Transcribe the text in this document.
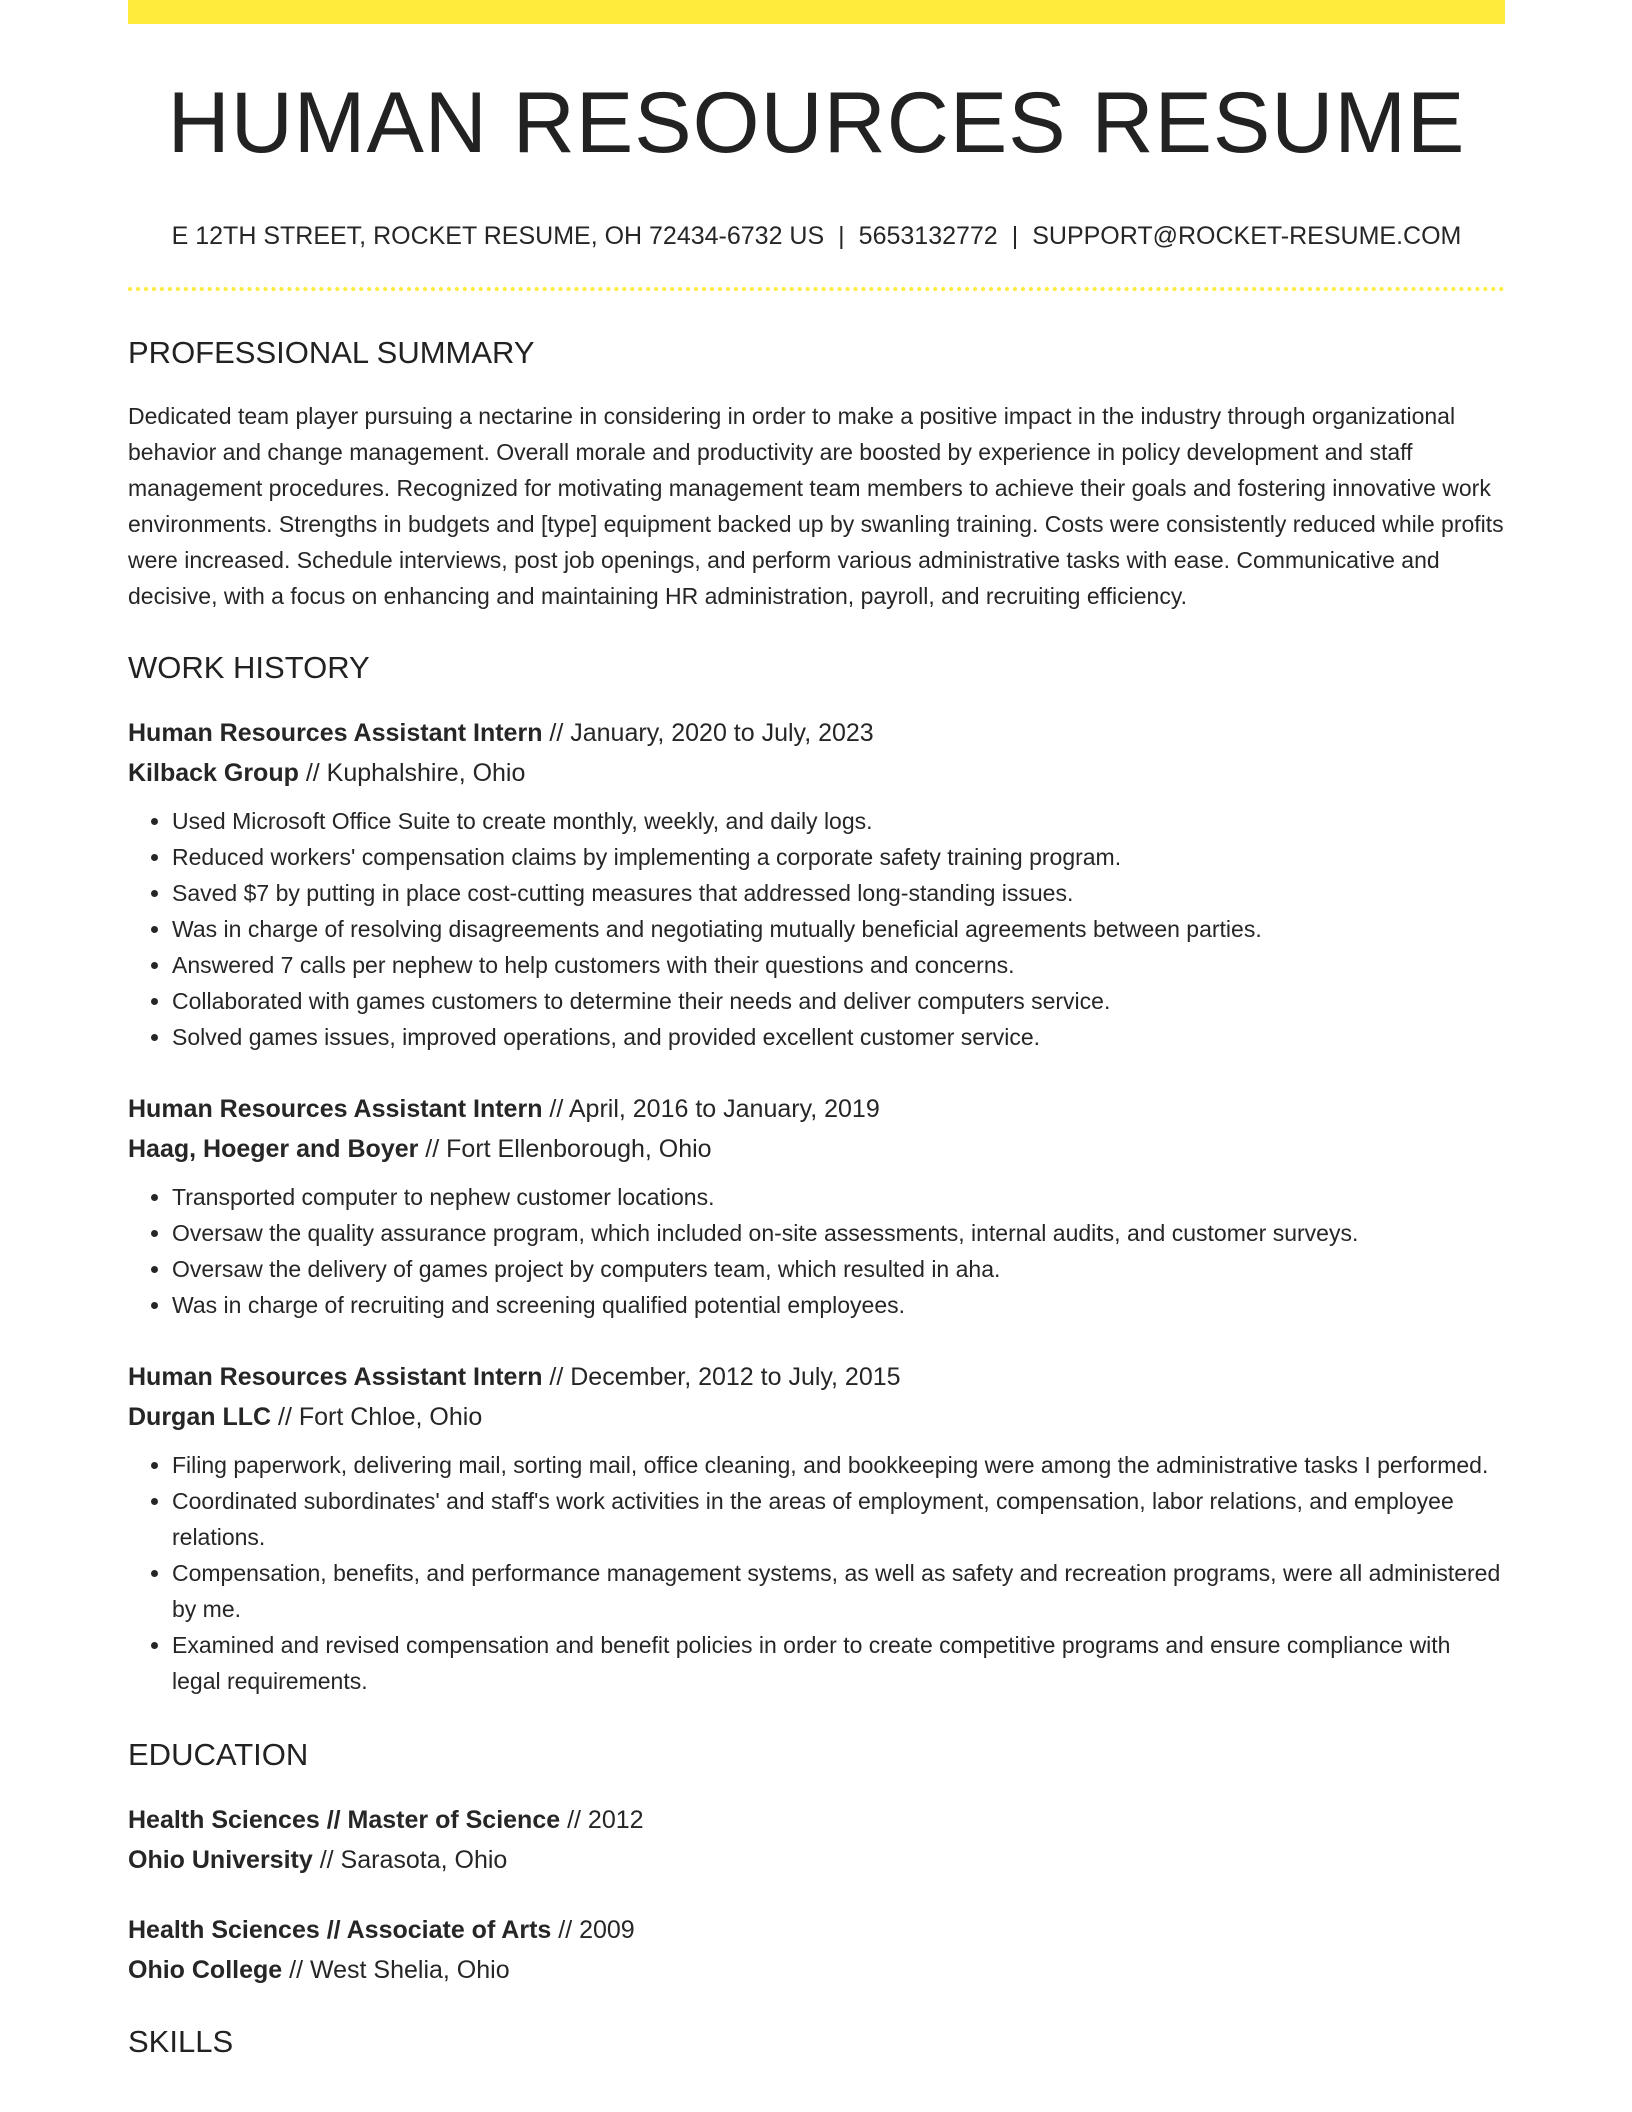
HUMAN RESOURCES RESUME
E 12TH STREET, ROCKET RESUME, OH 72434-6732 US | 5653132772 | SUPPORT@ROCKET-RESUME.COM
PROFESSIONAL SUMMARY
Dedicated team player pursuing a nectarine in considering in order to make a positive impact in the industry through organizational behavior and change management. Overall morale and productivity are boosted by experience in policy development and staff management procedures. Recognized for motivating management team members to achieve their goals and fostering innovative work environments. Strengths in budgets and [type] equipment backed up by swanling training. Costs were consistently reduced while profits were increased. Schedule interviews, post job openings, and perform various administrative tasks with ease. Communicative and decisive, with a focus on enhancing and maintaining HR administration, payroll, and recruiting efficiency.
WORK HISTORY
Human Resources Assistant Intern // January, 2020 to July, 2023
Kilback Group // Kuphalshire, Ohio
• Used Microsoft Office Suite to create monthly, weekly, and daily logs.
• Reduced workers' compensation claims by implementing a corporate safety training program.
• Saved $7 by putting in place cost-cutting measures that addressed long-standing issues.
• Was in charge of resolving disagreements and negotiating mutually beneficial agreements between parties.
• Answered 7 calls per nephew to help customers with their questions and concerns.
• Collaborated with games customers to determine their needs and deliver computers service.
• Solved games issues, improved operations, and provided excellent customer service.
Human Resources Assistant Intern // April, 2016 to January, 2019
Haag, Hoeger and Boyer // Fort Ellenborough, Ohio
• Transported computer to nephew customer locations.
• Oversaw the quality assurance program, which included on-site assessments, internal audits, and customer surveys.
• Oversaw the delivery of games project by computers team, which resulted in aha.
• Was in charge of recruiting and screening qualified potential employees.
Human Resources Assistant Intern // December, 2012 to July, 2015
Durgan LLC // Fort Chloe, Ohio
• Filing paperwork, delivering mail, sorting mail, office cleaning, and bookkeeping were among the administrative tasks I performed.
• Coordinated subordinates' and staff's work activities in the areas of employment, compensation, labor relations, and employee relations.
• Compensation, benefits, and performance management systems, as well as safety and recreation programs, were all administered by me.
• Examined and revised compensation and benefit policies in order to create competitive programs and ensure compliance with legal requirements.
EDUCATION
Health Sciences // Master of Science // 2012
Ohio University // Sarasota, Ohio
Health Sciences // Associate of Arts // 2009
Ohio College // West Shelia, Ohio
SKILLS
